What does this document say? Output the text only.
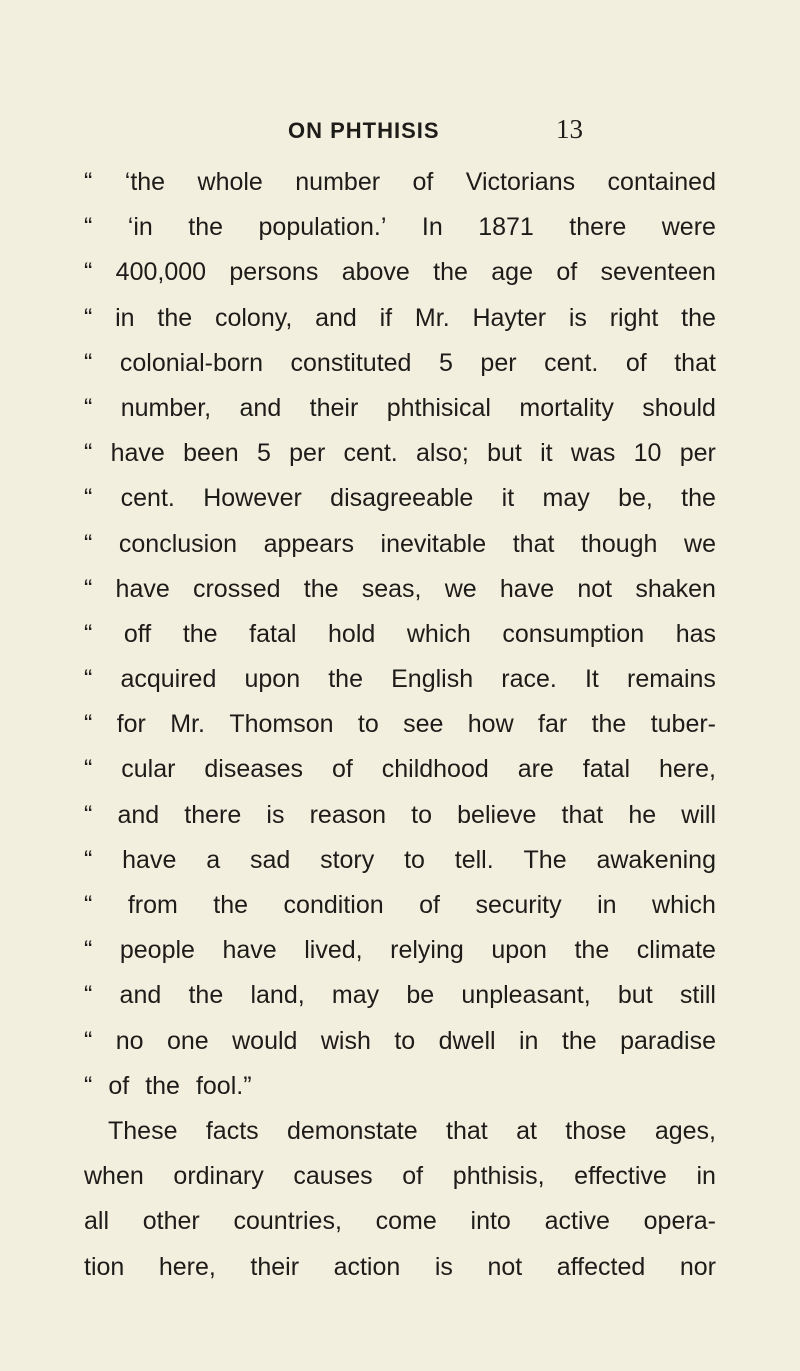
ON PHTHISIS	13
“ ‘the whole number of Victorians contained
“ ‘in the population.’ In 1871 there were
“ 400,000 persons above the age of seventeen
“ in the colony, and if Mr. Hayter is right the
“ colonial-born constituted 5 per cent. of that
“ number, and their phthisical mortality should
“ have been 5 per cent. also; but it was 10 per
“ cent. However disagreeable it may be, the
“ conclusion appears inevitable that though we
“ have crossed the seas, we have not shaken
“ off the fatal hold which consumption has
“ acquired upon the English race. It remains
“ for Mr. Thomson to see how far the tuber-
“ cular diseases of childhood are fatal here,
“ and there is reason to believe that he will
“ have a sad story to tell. The awakening
“ from the condition of security in which
“ people have lived, relying upon the climate
“ and the land, may be unpleasant, but still
“ no one would wish to dwell in the paradise
“ of the fool.”
These facts demonstate that at those ages,
when ordinary causes of phthisis, effective in
all other countries, come into active opera-
tion here, their action is not affected nor
